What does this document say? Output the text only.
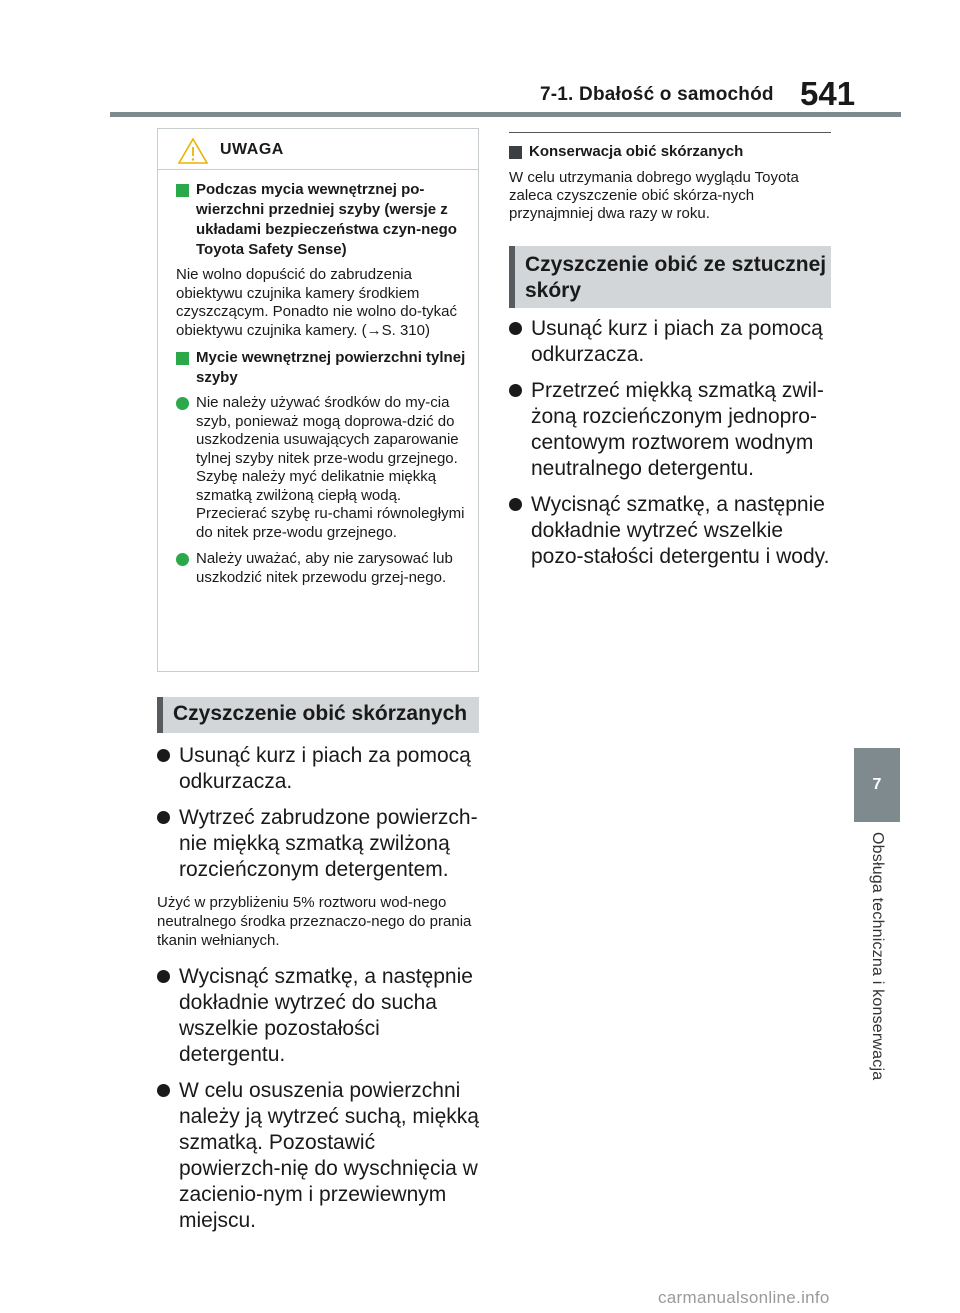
7-1. Dbałość o samochód 541
UWAGA
Podczas mycia wewnętrznej po-wierzchni przedniej szyby (wersje z układami bezpieczeństwa czyn-nego Toyota Safety Sense)
Nie wolno dopuścić do zabrudzenia obiektywu czujnika kamery środkiem czyszczącym. Ponadto nie wolno do-tykać obiektywu czujnika kamery. (→S. 310)
Mycie wewnętrznej powierzchni tylnej szyby
Nie należy używać środków do my-cia szyb, ponieważ mogą doprowa-dzić do uszkodzenia usuwających zaparowanie tylnej szyby nitek prze-wodu grzejnego. Szybę należy myć delikatnie miękką szmatką zwilżoną ciepłą wodą. Przecierać szybę ru-chami równoległymi do nitek prze-wodu grzejnego.
Należy uważać, aby nie zarysować lub uszkodzić nitek przewodu grzej-nego.
Czyszczenie obić skórzanych
Usunąć kurz i piach za pomocą odkurzacza.
Wytrzeć zabrudzone powierzch-nie miękką szmatką zwilżoną rozcieńczonym detergentem.
Użyć w przybliżeniu 5% roztworu wod-nego neutralnego środka przeznaczo-nego do prania tkanin wełnianych.
Wycisnąć szmatkę, a następnie dokładnie wytrzeć do sucha wszelkie pozostałości detergentu.
W celu osuszenia powierzchni należy ją wytrzeć suchą, miękką szmatką. Pozostawić powierzch-nię do wyschnięcia w zacienio-nym i przewiewnym miejscu.
Konserwacja obić skórzanych
W celu utrzymania dobrego wyglądu Toyota zaleca czyszczenie obić skórza-nych przynajmniej dwa razy w roku.
Czyszczenie obić ze sztucznej skóry
Usunąć kurz i piach za pomocą odkurzacza.
Przetrzeć miękką szmatką zwil-żoną rozcieńczonym jednopro-centowym roztworem wodnym neutralnego detergentu.
Wycisnąć szmatkę, a następnie dokładnie wytrzeć wszelkie pozo-stałości detergentu i wody.
7
Obsługa techniczna i konserwacja
carmanualsonline.info
